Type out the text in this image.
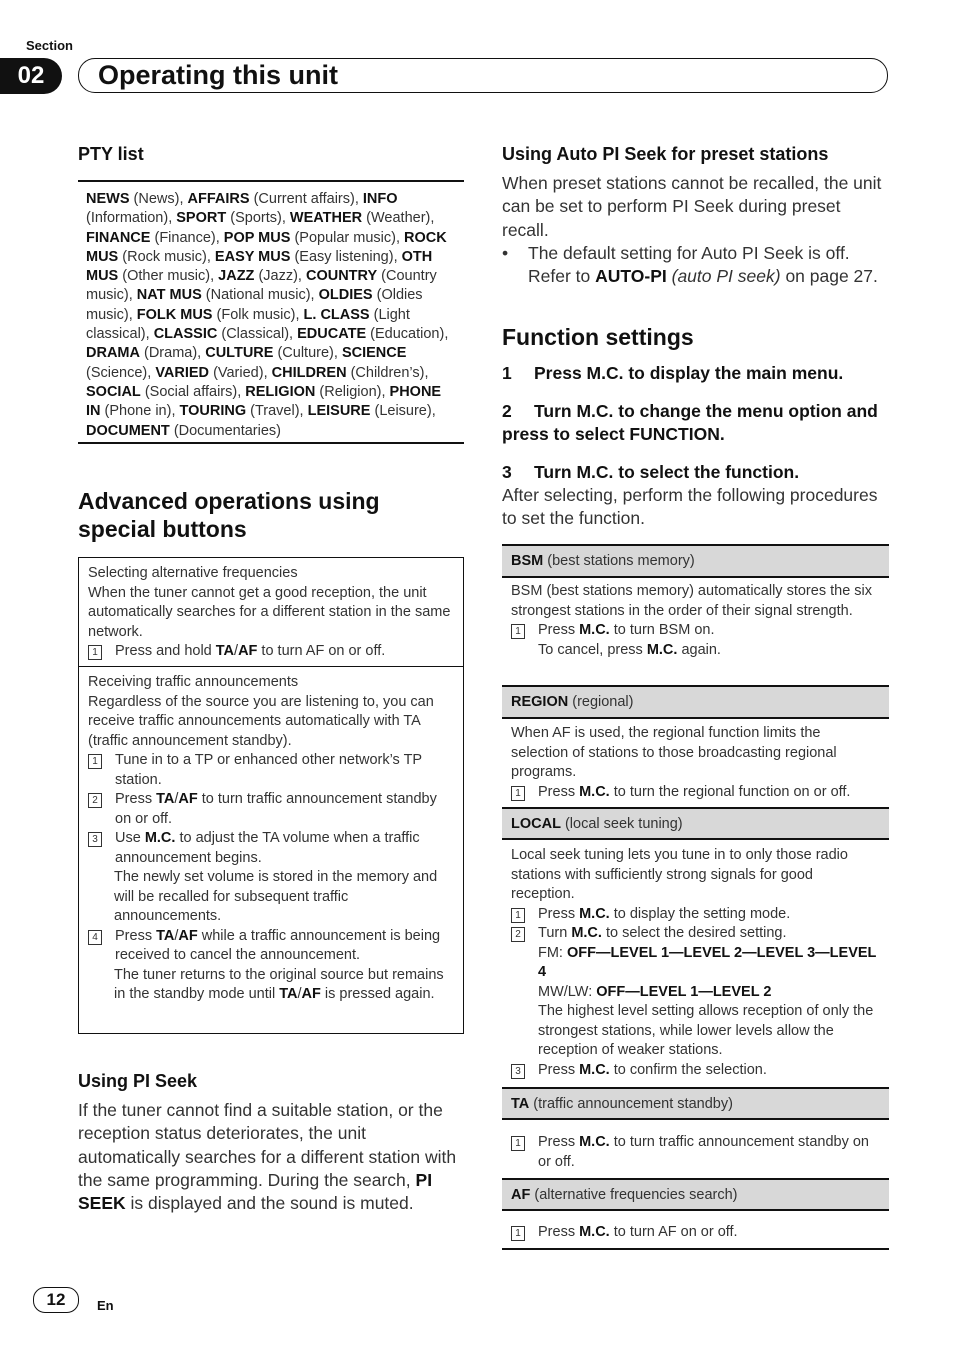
Section
02	Operating this unit
PTY list
NEWS (News), AFFAIRS (Current affairs), INFO (Information), SPORT (Sports), WEATHER (Weather), FINANCE (Finance), POP MUS (Popular music), ROCK MUS (Rock music), EASY MUS (Easy listening), OTH MUS (Other music), JAZZ (Jazz), COUNTRY (Country music), NAT MUS (National music), OLDIES (Oldies music), FOLK MUS (Folk music), L. CLASS (Light classical), CLASSIC (Classical), EDUCATE (Education), DRAMA (Drama), CULTURE (Culture), SCIENCE (Science), VARIED (Varied), CHILDREN (Children’s), SOCIAL (Social affairs), RELIGION (Religion), PHONE IN (Phone in), TOURING (Travel), LEISURE (Leisure), DOCUMENT (Documentaries)
Advanced operations using
special buttons
Selecting alternative frequencies
When the tuner cannot get a good reception, the unit automatically searches for a different station in the same network.
1 Press and hold TA/AF to turn AF on or off.
Receiving traffic announcements
Regardless of the source you are listening to, you can receive traffic announcements automatically with TA (traffic announcement standby).
1 Tune in to a TP or enhanced other network’s TP station.
2 Press TA/AF to turn traffic announcement standby on or off.
3 Use M.C. to adjust the TA volume when a traffic announcement begins.
The newly set volume is stored in the memory and will be recalled for subsequent traffic announcements.
4 Press TA/AF while a traffic announcement is being received to cancel the announcement.
The tuner returns to the original source but remains in the standby mode until TA/AF is pressed again.
Using PI Seek
If the tuner cannot find a suitable station, or the reception status deteriorates, the unit automatically searches for a different station with the same programming. During the search, PI SEEK is displayed and the sound is muted.
Using Auto PI Seek for preset stations
When preset stations cannot be recalled, the unit can be set to perform PI Seek during preset recall.
•	The default setting for Auto PI Seek is off. Refer to AUTO-PI (auto PI seek) on page 27.
Function settings
1 Press M.C. to display the main menu.
2 Turn M.C. to change the menu option and press to select FUNCTION.
3 Turn M.C. to select the function.
After selecting, perform the following procedures to set the function.
BSM
(best stations memory)
BSM (best stations memory) automatically stores the six strongest stations in the order of their signal strength.
1 Press M.C. to turn BSM on.
To cancel, press M.C. again.
REGION
(regional)
When AF is used, the regional function limits the selection of stations to those broadcasting regional programs.
1 Press M.C. to turn the regional function on or off.
LOCAL
(local seek tuning)
Local seek tuning lets you tune in to only those radio stations with sufficiently strong signals for good reception.
1 Press M.C. to display the setting mode.
2 Turn M.C. to select the desired setting.
FM: OFF—LEVEL 1—LEVEL 2—LEVEL 3—LEVEL 4
MW/LW: OFF—LEVEL 1—LEVEL 2
The highest level setting allows reception of only the strongest stations, while lower levels allow the reception of weaker stations.
3 Press M.C. to confirm the selection.
TA
(traffic announcement standby)
1 Press M.C. to turn traffic announcement standby on or off.
AF
(alternative frequencies search)
1 Press M.C. to turn AF on or off.
12	En
